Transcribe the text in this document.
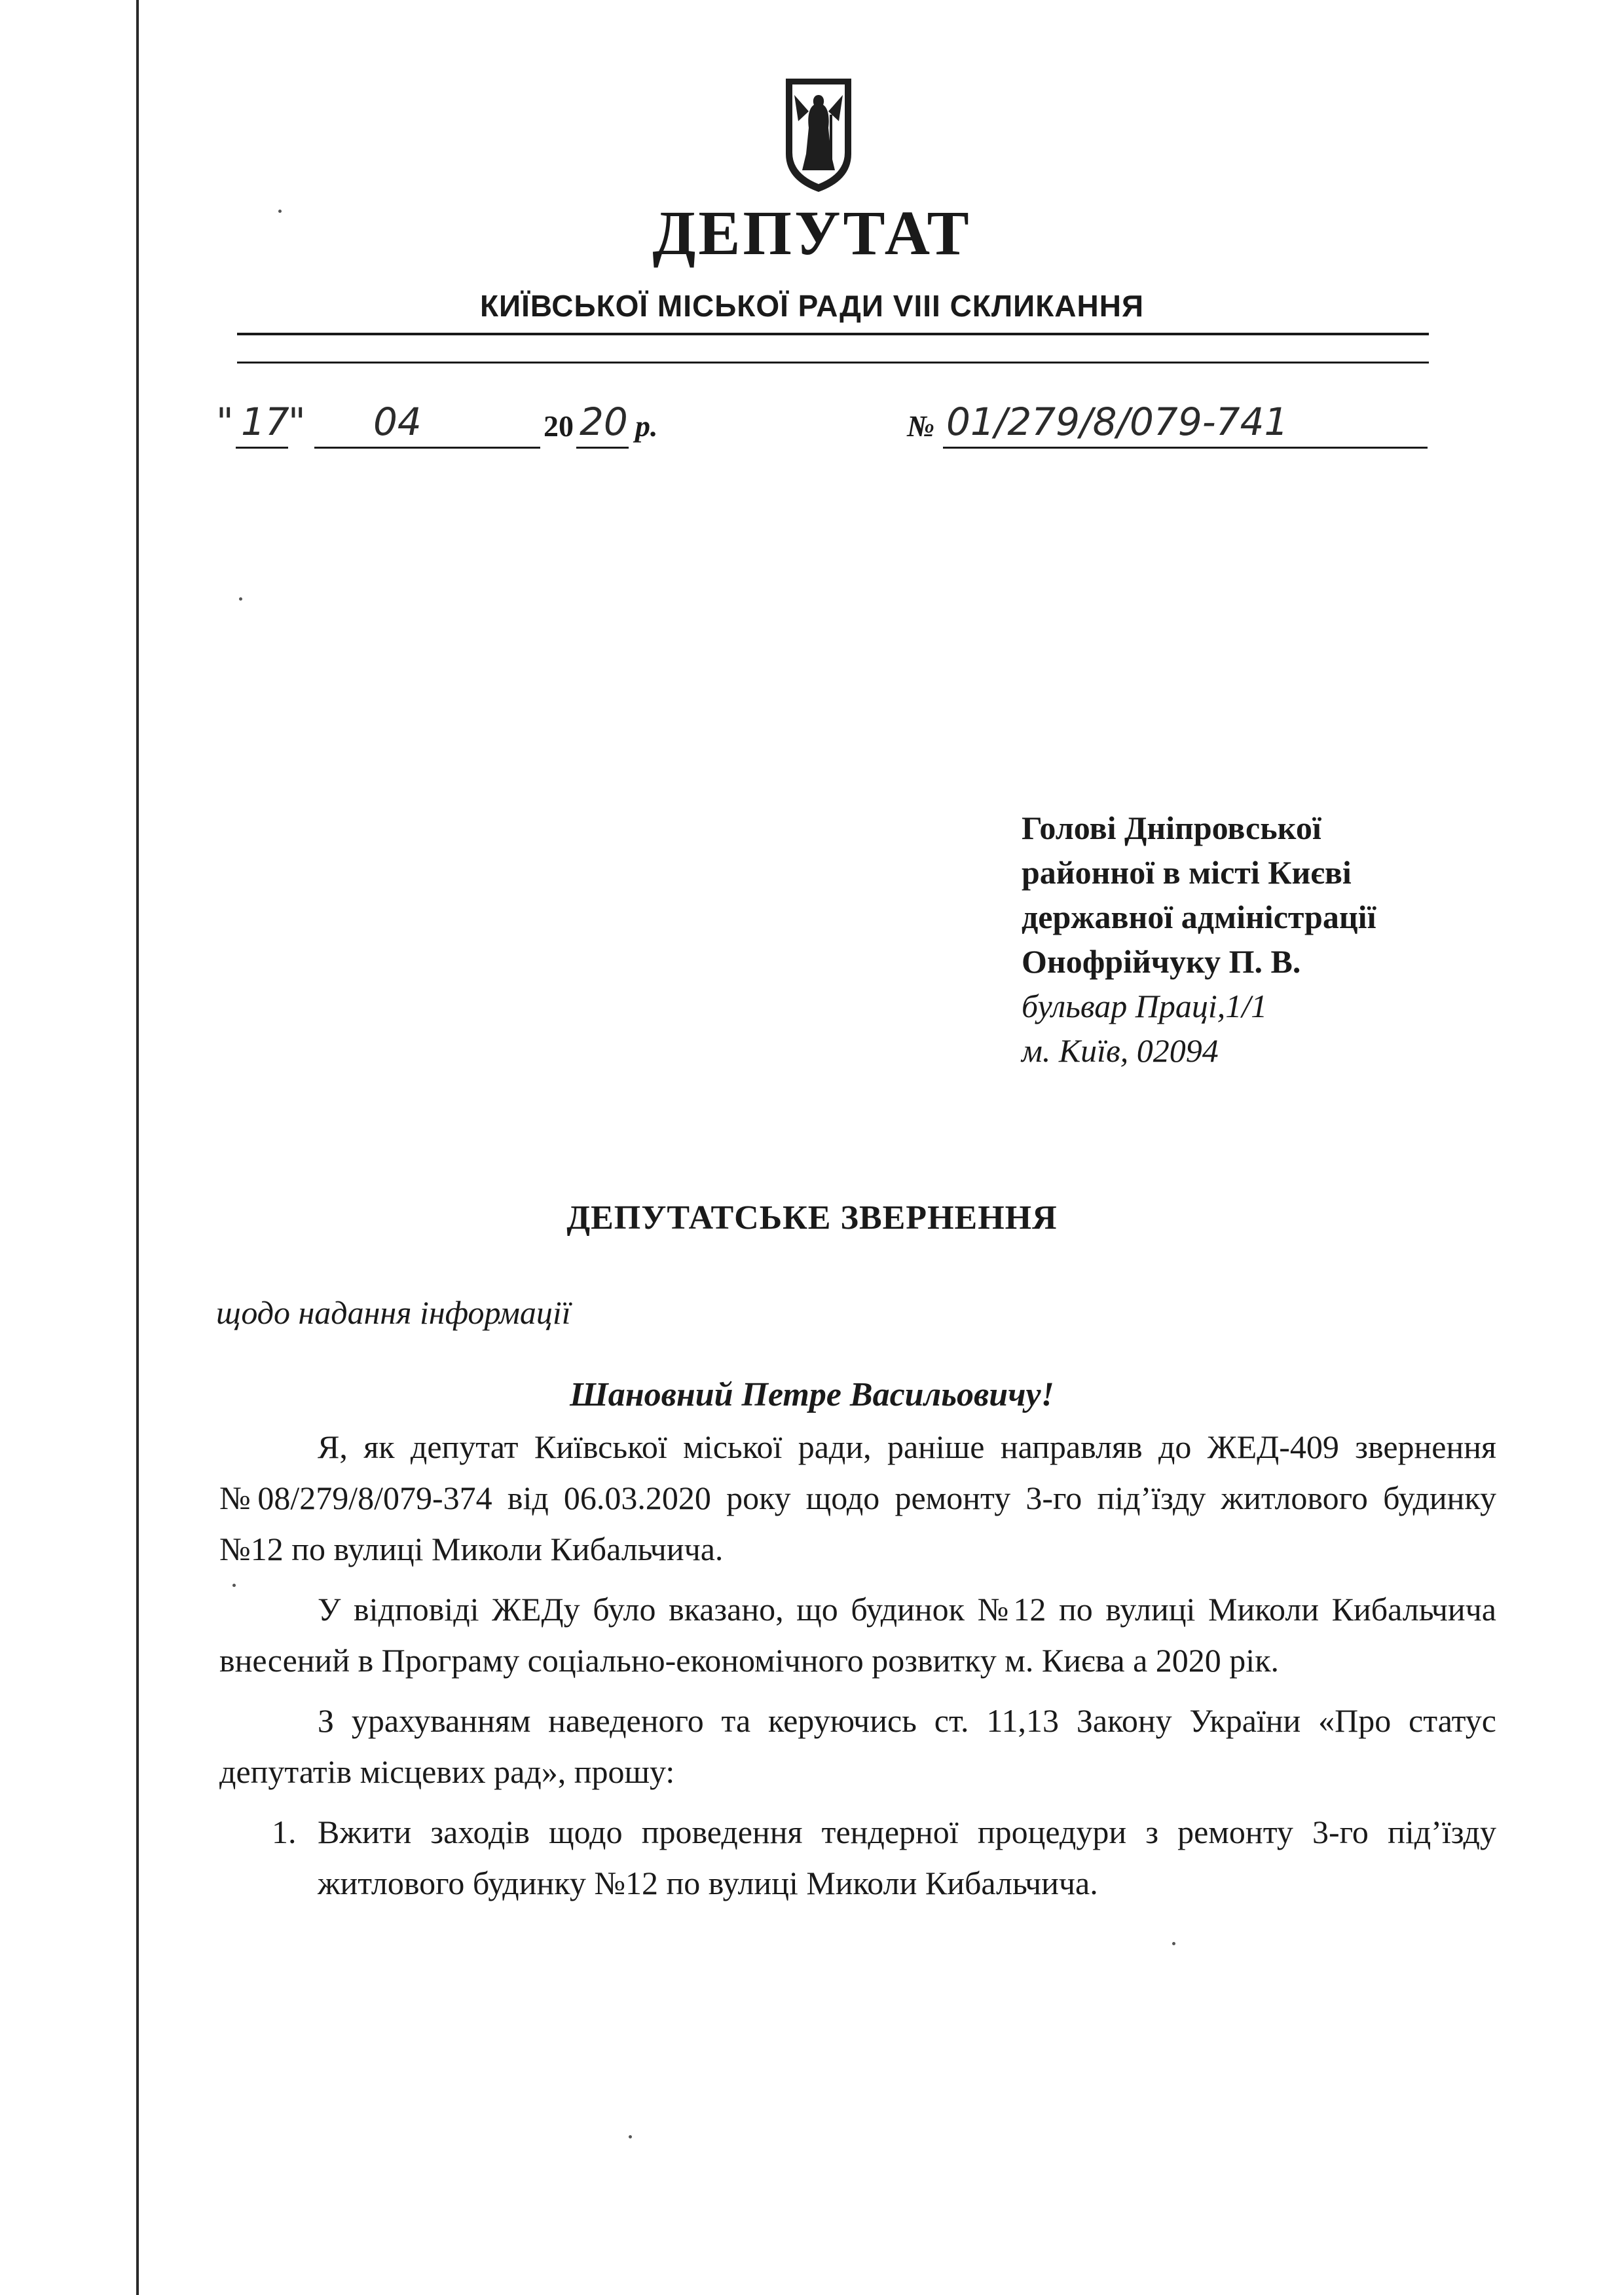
ДЕПУТАТ
КИЇВСЬКОЇ МІСЬКОЇ РАДИ VIII СКЛИКАННЯ
" 17
" 04	20 20 р.	№ 01/279/8/079-741
Голові Дніпровської
районної в місті Києві
державної адміністрації
Онофрійчуку П. В.
бульвар Праці,1/1
м. Київ, 02094
ДЕПУТАТСЬКЕ ЗВЕРНЕННЯ
щодо надання інформації
Шановний Петре Васильовичу!

Я, як депутат Київської міської ради, раніше направляв до ЖЕД-409 звернення №08/279/8/079-374 від 06.03.2020 року щодо ремонту 3-го під’їзду житлового будинку №12 по вулиці Миколи Кибальчича.

У відповіді ЖЕДу було вказано, що будинок №12 по вулиці Миколи Кибальчича внесений в Програму соціально-економічного розвитку м. Києва а 2020 рік.

З урахуванням наведеного та керуючись ст. 11,13 Закону України «Про статус депутатів місцевих рад», прошу:

1. Вжити заходів щодо проведення тендерної процедури з ремонту 3-го під’їзду житлового будинку №12 по вулиці Миколи Кибальчича.
